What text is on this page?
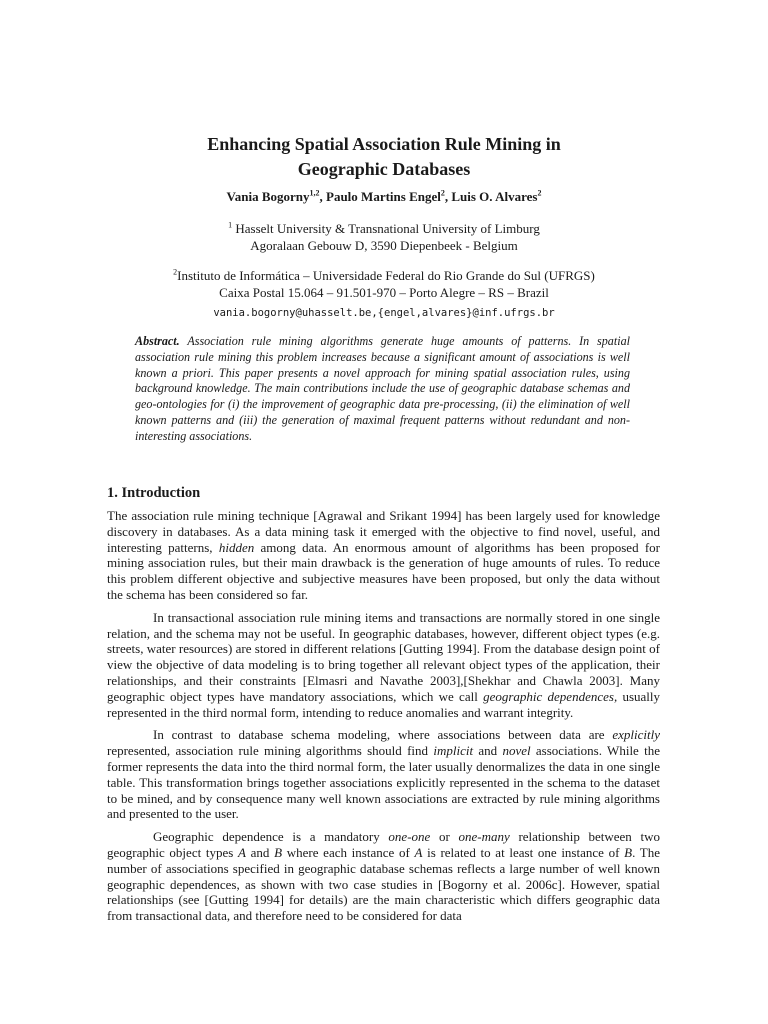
Enhancing Spatial Association Rule Mining in
Geographic Databases
Vania Bogorny$^{1,2}$, Paulo Martins Engel$^2$, Luis O. Alvares$^2$
$^1$ Hasselt University & Transnational University of Limburg
Agoralaan Gebouw D, 3590 Diepenbeek - Belgium
$^2$Instituto de Informática – Universidade Federal do Rio Grande do Sul (UFRGS)
Caixa Postal 15.064 – 91.501-970 – Porto Alegre – RS – Brazil
vania.bogorny@uhasselt.be,{engel,alvares}@inf.ufrgs.br
Abstract. Association rule mining algorithms generate huge amounts of patterns. In spatial association rule mining this problem increases because a significant amount of associations is well known a priori. This paper presents a novel approach for mining spatial association rules, using background knowledge. The main contributions include the use of geographic database schemas and geo-ontologies for (i) the improvement of geographic data pre-processing, (ii) the elimination of well known patterns and (iii) the generation of maximal frequent patterns without redundant and non-interesting associations.
1. Introduction

The association rule mining technique [Agrawal and Srikant 1994] has been largely used for knowledge discovery in databases. As a data mining task it emerged with the objective to find novel, useful, and interesting patterns, hidden among data. An enormous amount of algorithms has been proposed for mining association rules, but their main drawback is the generation of huge amounts of rules. To reduce this problem different objective and subjective measures have been proposed, but only the data without the schema has been considered so far.

In transactional association rule mining items and transactions are normally stored in one single relation, and the schema may not be useful. In geographic databases, however, different object types (e.g. streets, water resources) are stored in different relations [Gutting 1994]. From the database design point of view the objective of data modeling is to bring together all relevant object types of the application, their relationships, and their constraints [Elmasri and Navathe 2003],[Shekhar and Chawla 2003]. Many geographic object types have mandatory associations, which we call geographic dependences, usually represented in the third normal form, intending to reduce anomalies and warrant integrity.

In contrast to database schema modeling, where associations between data are explicitly represented, association rule mining algorithms should find implicit and novel associations. While the former represents the data into the third normal form, the later usually denormalizes the data in one single table. This transformation brings together associations explicitly represented in the schema to the dataset to be mined, and by consequence many well known associations are extracted by rule mining algorithms and presented to the user.

Geographic dependence is a mandatory one-one or one-many relationship between two geographic object types A and B where each instance of A is related to at least one instance of B. The number of associations specified in geographic database schemas reflects a large number of well known geographic dependences, as shown with two case studies in [Bogorny et al. 2006c]. However, spatial relationships (see [Gutting 1994] for details) are the main characteristic which differs geographic data from transactional data, and therefore need to be considered for data
